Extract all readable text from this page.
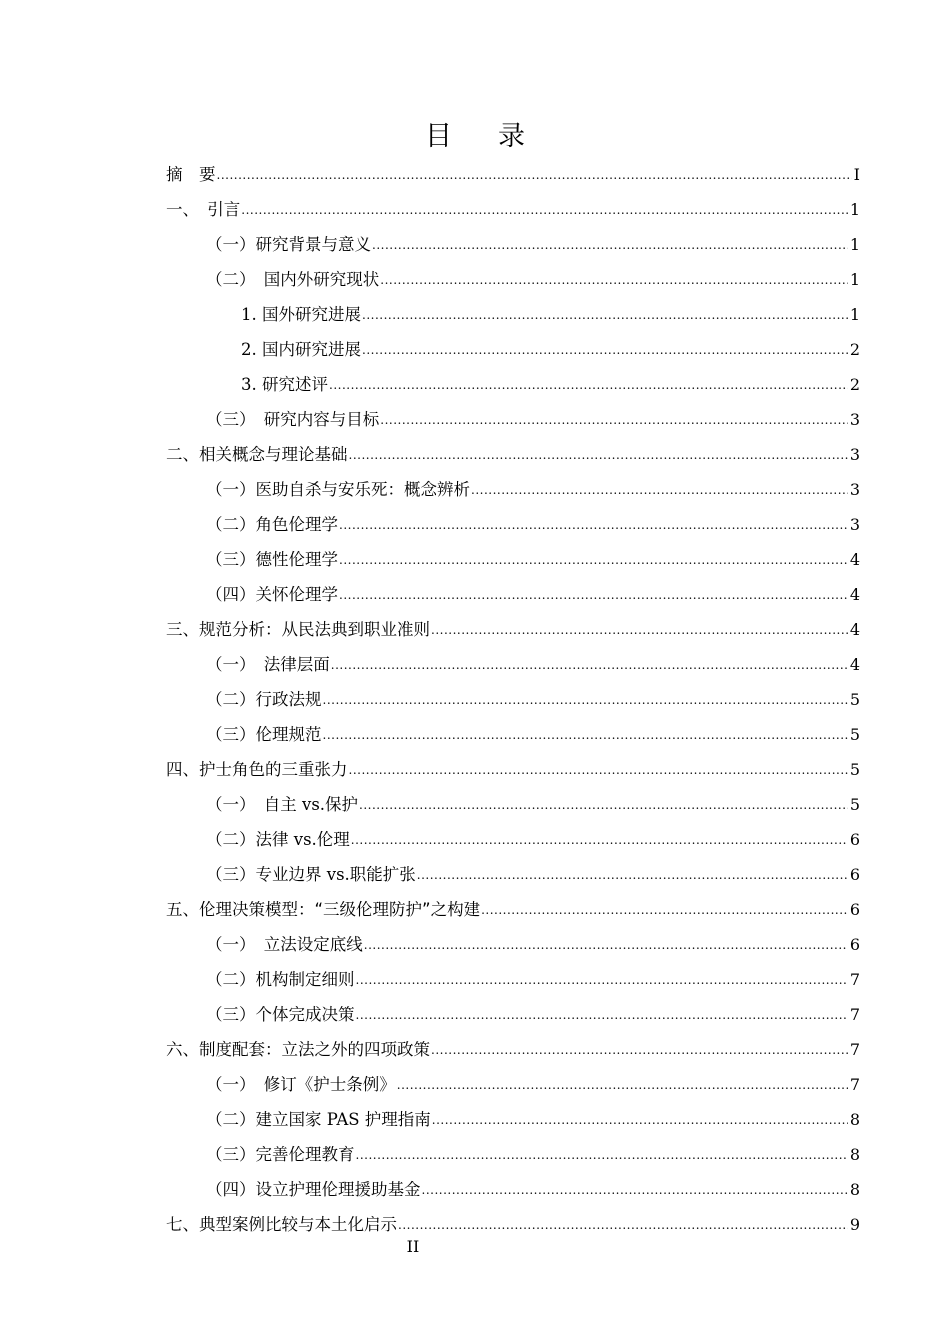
目 录
摘　要 .....	I
一、　引言 .....	1
（一）研究背景与意义 .....	1
（二）　国内外研究现状 .....	1
1. 国外研究进展 .....	1
2. 国内研究进展 .....	2
3. 研究述评 .....	2
（三）　研究内容与目标 .....	3
二、相关概念与理论基础 .....	3
（一）医助自杀与安乐死：概念辨析 .....	3
（二）角色伦理学 .....	3
（三）德性伦理学 .....	4
（四）关怀伦理学 .....	4
三、规范分析：从民法典到职业准则 .....	4
（一）　法律层面 .....	4
（二）行政法规 .....	5
（三）伦理规范 .....	5
四、护士角色的三重张力 .....	5
（一）　自主 vs.保护 .....	5
（二）法律 vs.伦理 .....	6
（三）专业边界 vs.职能扩张 .....	6
五、伦理决策模型：“三级伦理防护”之构建 .....	6
（一）　立法设定底线 .....	6
（二）机构制定细则 .....	7
（三）个体完成决策 .....	7
六、制度配套：立法之外的四项政策 .....	7
（一）　修订《护士条例》 .....	7
（二）建立国家 PAS 护理指南 .....	8
（三）完善伦理教育 .....	8
（四）设立护理伦理援助基金 .....	8
七、典型案例比较与本土化启示 .....	9
II
